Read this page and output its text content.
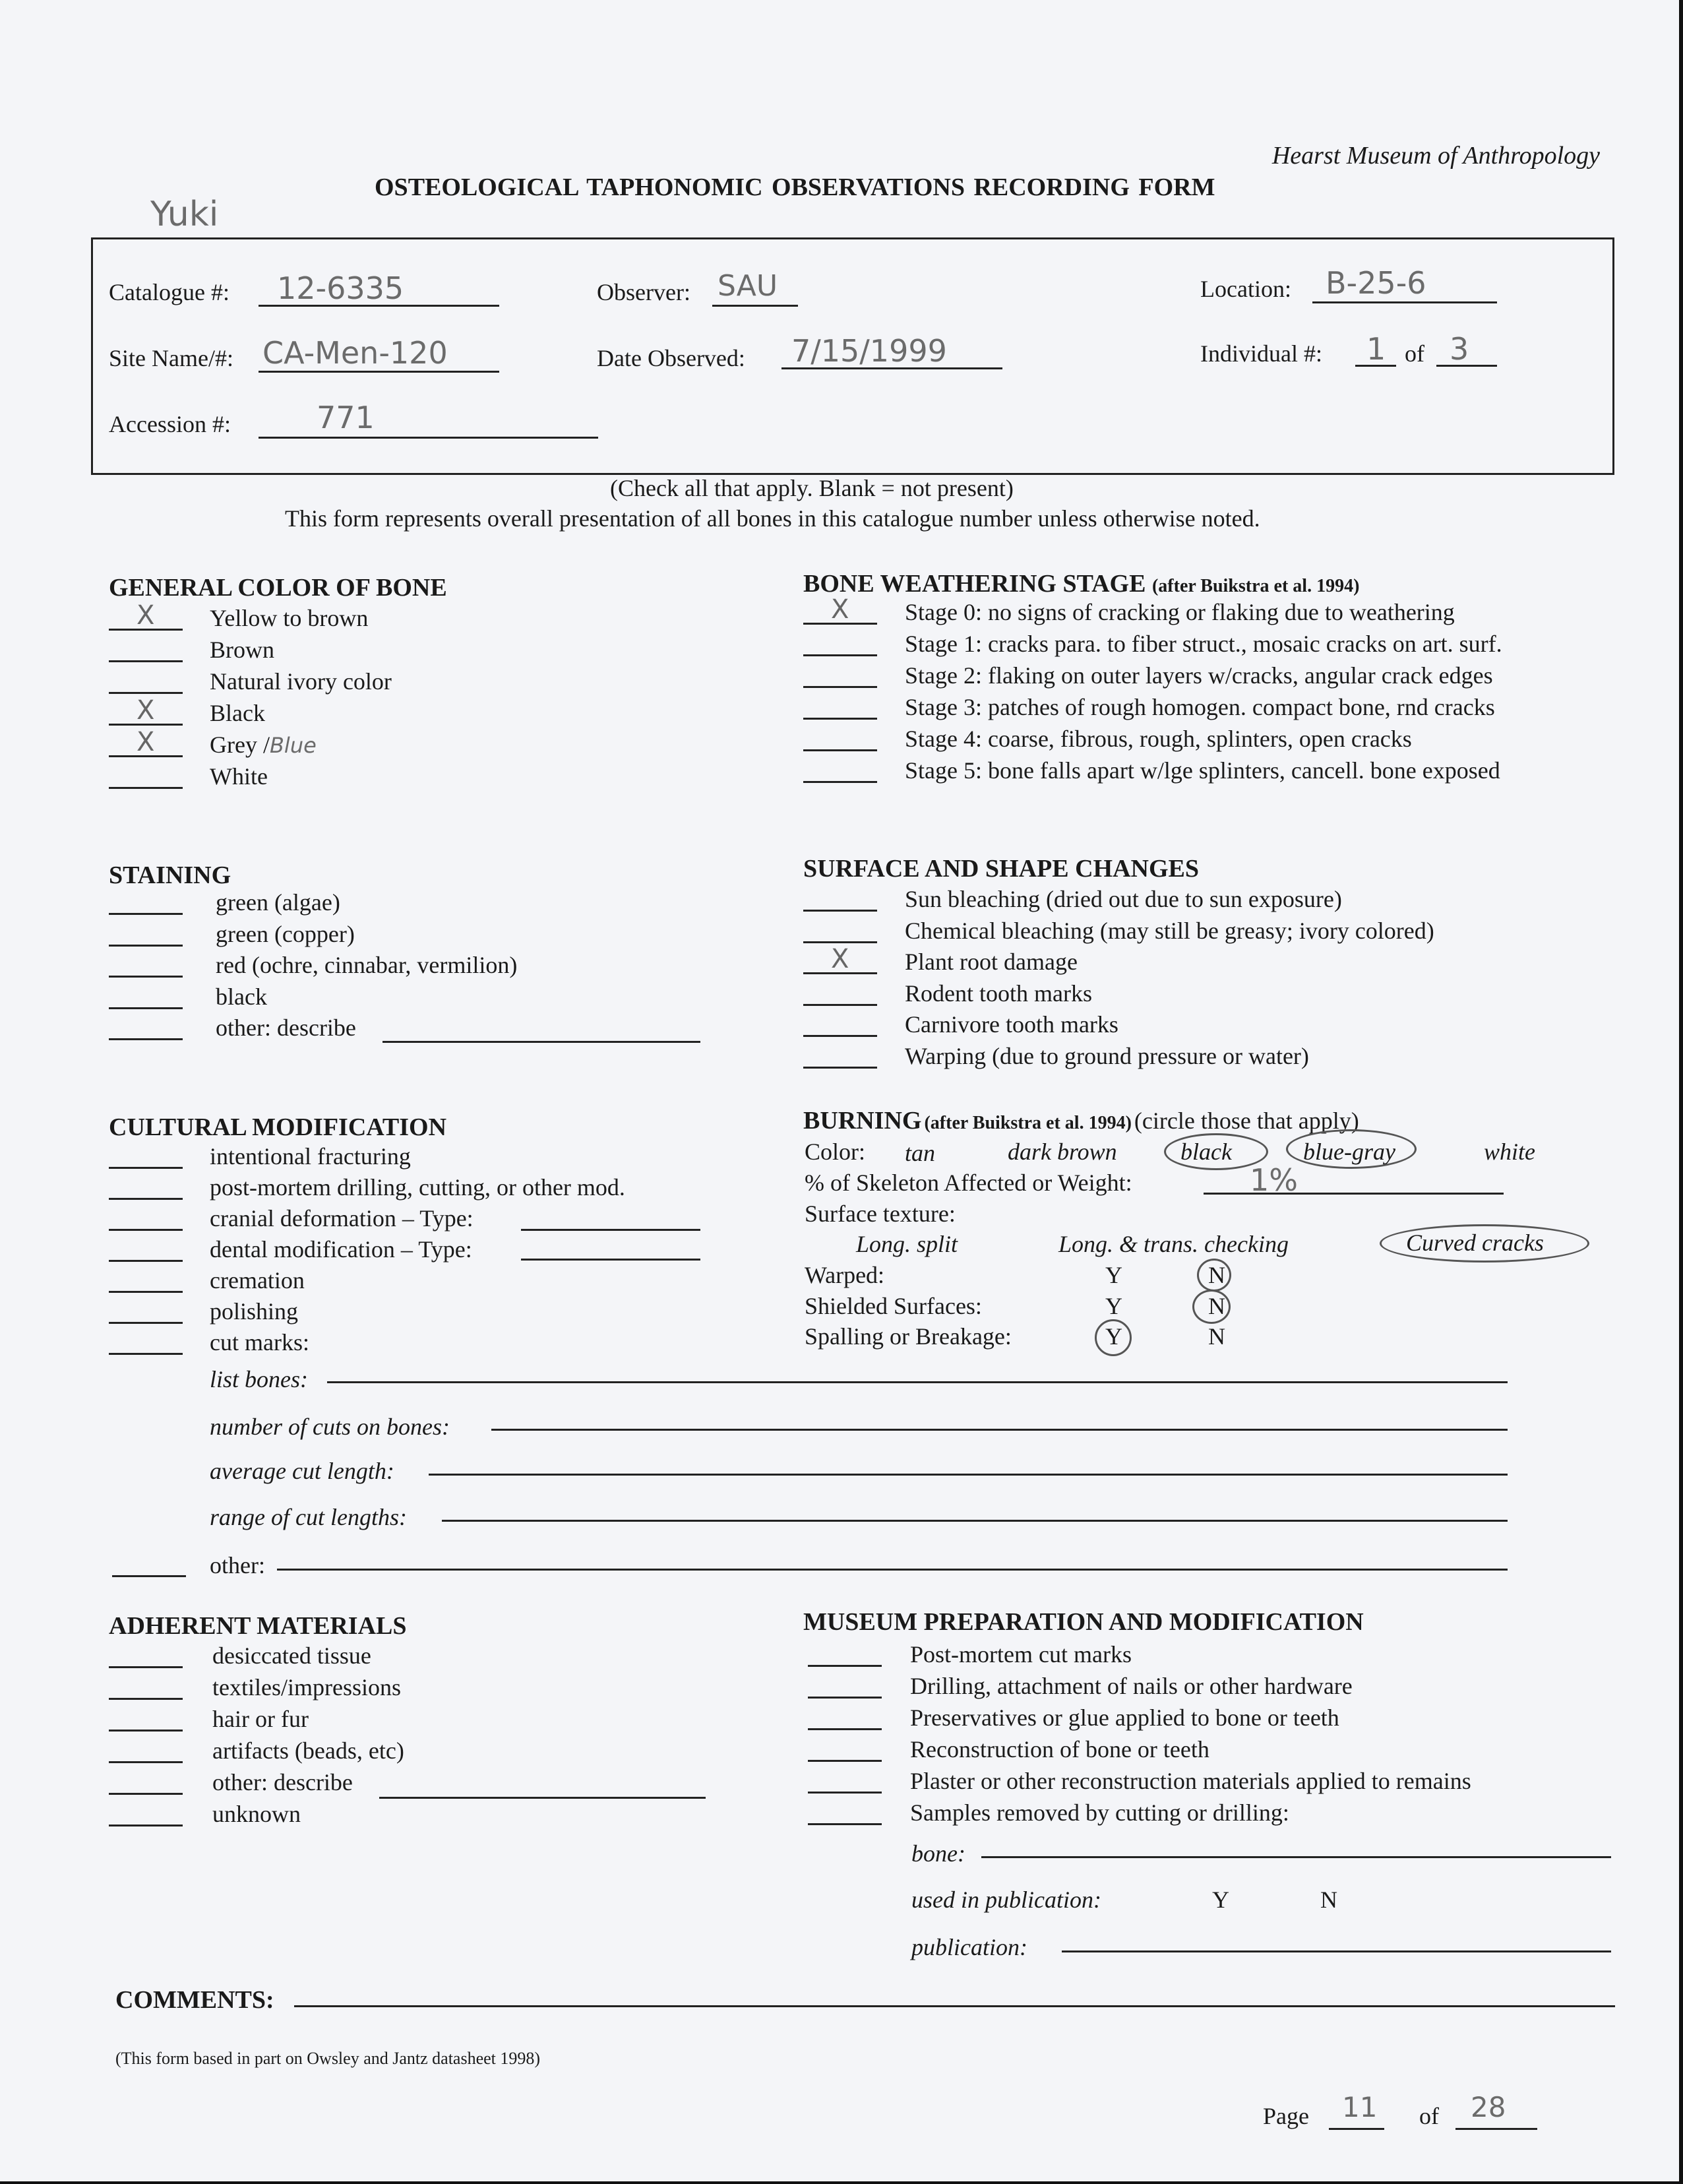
Hearst Museum of Anthropology
OSTEOLOGICAL TAPHONOMIC OBSERVATIONS RECORDING FORM
Yuki
Catalogue #: 12-6335	Observer: SAU	Location: B-25-6
Site Name/#: CA-Men-120	Date Observed: 7/15/1999	Individual #: 1 of 3
Accession #:	771
(Check all that apply. Blank = not present)
This form represents overall presentation of all bones in this catalogue number unless otherwise noted.
GENERAL COLOR OF BONE
X Yellow to brown
Brown
Natural ivory color
X Black
X Grey /Blue
White
BONE WEATHERING STAGE (after Buikstra et al. 1994)
X Stage 0: no signs of cracking or flaking due to weathering
Stage 1: cracks para. to fiber struct., mosaic cracks on art. surf.
Stage 2: flaking on outer layers w/cracks, angular crack edges
Stage 3: patches of rough homogen. compact bone, rnd cracks
Stage 4: coarse, fibrous, rough, splinters, open cracks
Stage 5: bone falls apart w/lge splinters, cancell. bone exposed
STAINING
green (algae)
green (copper)
red (ochre, cinnabar, vermilion)
black
other: describe
SURFACE AND SHAPE CHANGES
Sun bleaching (dried out due to sun exposure)
Chemical bleaching (may still be greasy; ivory colored)
X Plant root damage
Rodent tooth marks
Carnivore tooth marks
Warping (due to ground pressure or water)
CULTURAL MODIFICATION
intentional fracturing
post-mortem drilling, cutting, or other mod.
cranial deformation – Type:
dental modification – Type:
cremation
polishing
cut marks:
list bones:
number of cuts on bones:
average cut length:
range of cut lengths:
other:
BURNING (after Buikstra et al. 1994) (circle those that apply)
Color: tan	dark brown	black	blue-gray	white
% of Skeleton Affected or Weight:	1%
Surface texture:
Long. split	Long. & trans. checking	Curved cracks
Warped:	Y	N
Shielded Surfaces:	Y	N
Spalling or Breakage:	Y	N
ADHERENT MATERIALS
desiccated tissue
textiles/impressions
hair or fur
artifacts (beads, etc)
other: describe
unknown
MUSEUM PREPARATION AND MODIFICATION
Post-mortem cut marks
Drilling, attachment of nails or other hardware
Preservatives or glue applied to bone or teeth
Reconstruction of bone or teeth
Plaster or other reconstruction materials applied to remains
Samples removed by cutting or drilling:
bone:
used in publication:	Y	N
publication:
COMMENTS:
(This form based in part on Owsley and Jantz datasheet 1998)
Page 11 of 28
